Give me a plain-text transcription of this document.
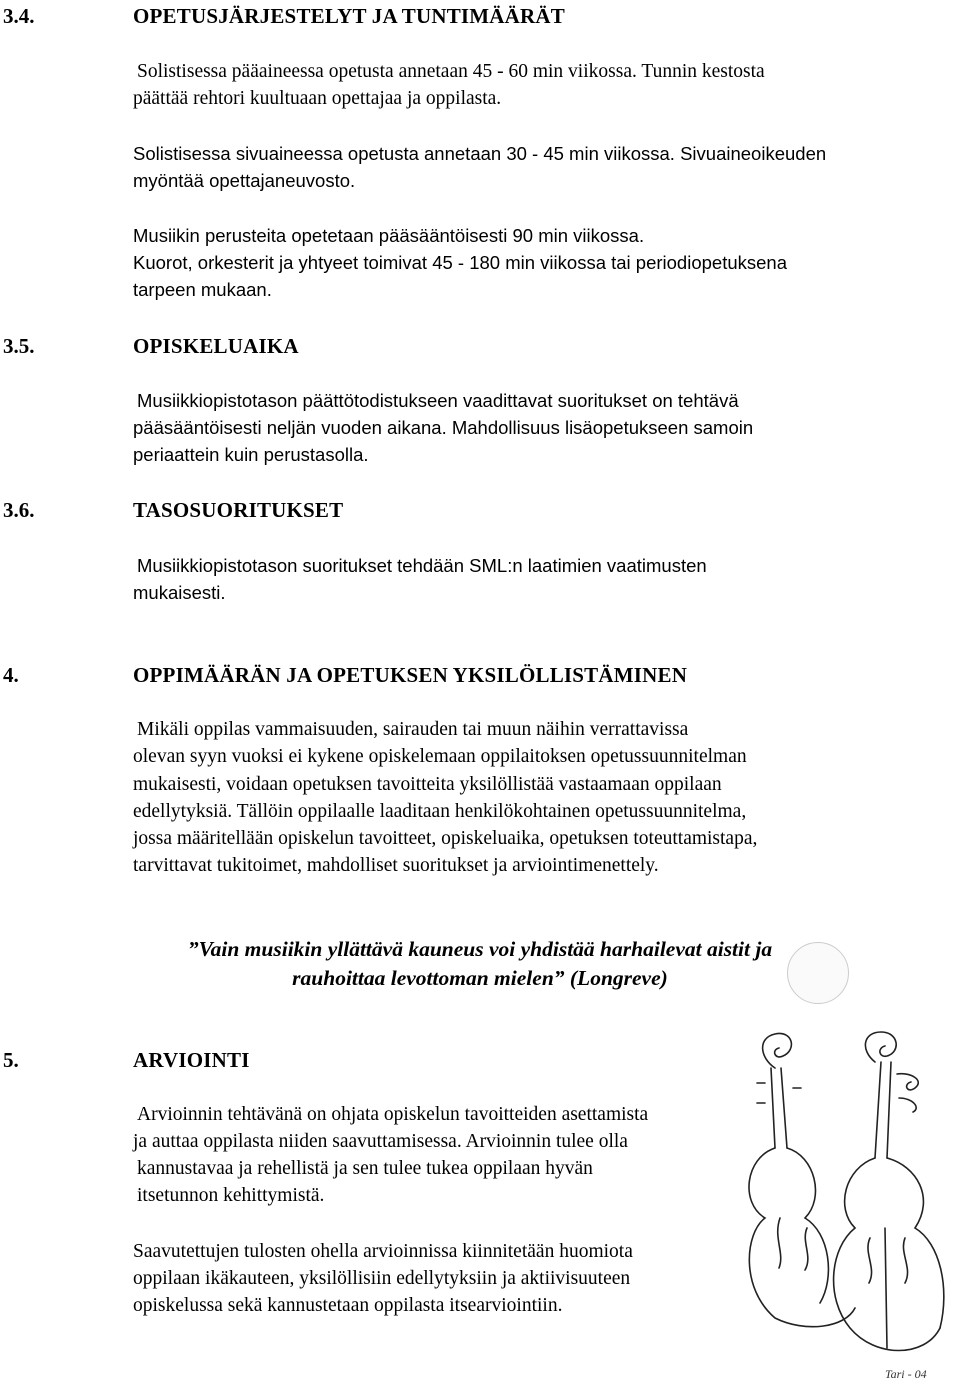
3.4.	OPETUSJÄRJESTELYT JA TUNTIMÄÄRÄT
Solistisessa pääaineessa opetusta annetaan 45 - 60 min viikossa. Tunnin kestosta
päättää rehtori kuultuaan opettajaa ja oppilasta.
Solistisessa sivuaineessa opetusta annetaan 30 - 45 min viikossa. Sivuaineoikeuden
myöntää opettajaneuvosto.
Musiikin perusteita opetetaan pääsääntöisesti 90 min viikossa.
Kuorot, orkesterit ja yhtyeet toimivat 45 - 180 min viikossa tai periodiopetuksena
tarpeen mukaan.
3.5.	OPISKELUAIKA
Musiikkiopistotason päättötodistukseen vaadittavat suoritukset on tehtävä
pääsääntöisesti neljän vuoden aikana. Mahdollisuus lisäopetukseen samoin
periaattein kuin perustasolla.
3.6.	TASOSUORITUKSET
Musiikkiopistotason suoritukset tehdään SML:n laatimien vaatimusten
mukaisesti.
4.	OPPIMÄÄRÄN JA OPETUKSEN YKSILÖLLISTÄMINEN
Mikäli oppilas vammaisuuden, sairauden tai muun näihin verrattavissa
olevan syyn vuoksi ei kykene opiskelemaan oppilaitoksen opetussuunnitelman
mukaisesti, voidaan opetuksen tavoitteita yksilöllistää vastaamaan oppilaan
edellytyksiä. Tällöin oppilaalle laaditaan henkilökohtainen opetussuunnitelma,
jossa määritellään opiskelun tavoitteet, opiskeluaika, opetuksen toteuttamistapa,
tarvittavat tukitoimet, mahdolliset suoritukset ja arviointimenettely.
”Vain musiikin yllättävä kauneus voi yhdistää harhailevat aistit ja
rauhoittaa levottoman mielen” (Longreve)
5.	ARVIOINTI
Arvioinnin tehtävänä on ohjata opiskelun tavoitteiden asettamista
ja auttaa oppilasta niiden saavuttamisessa. Arvioinnin tulee olla
kannustavaa ja rehellistä ja sen tulee tukea oppilaan hyvän
itsetunnon kehittymistä.
Saavutettujen tulosten ohella arvioinnissa kiinnitetään huomiota
oppilaan ikäkauteen, yksilöllisiin edellytyksiin ja aktiivisuuteen
opiskelussa sekä kannustetaan oppilasta itsearviointiin.
Tari - 04
